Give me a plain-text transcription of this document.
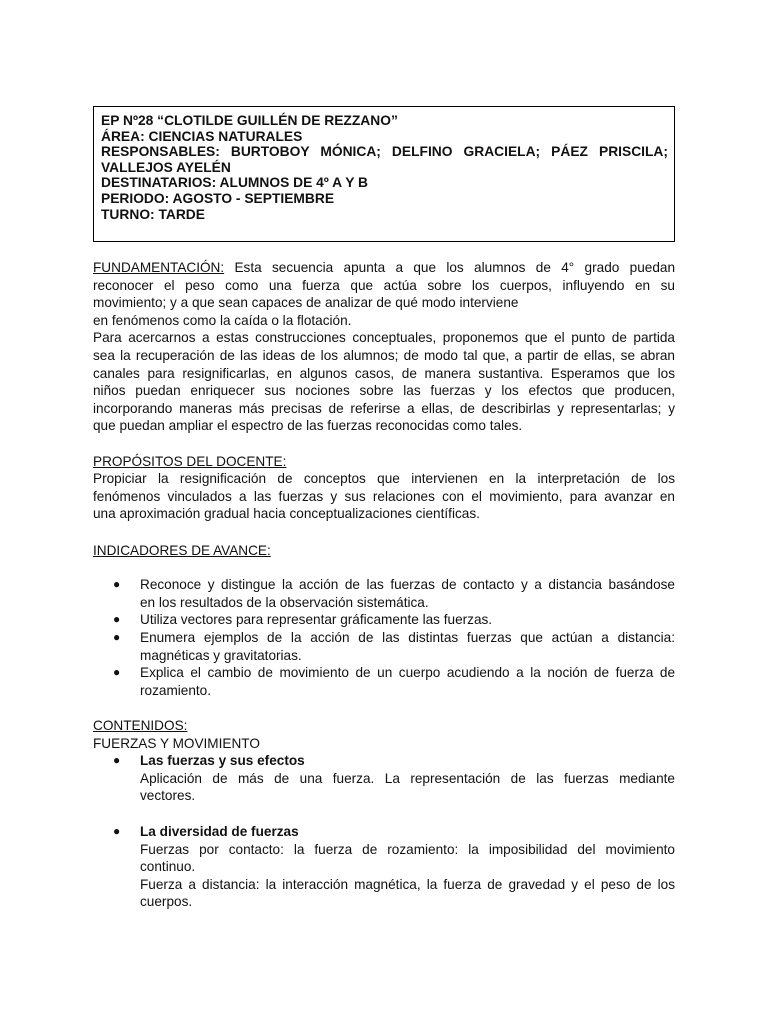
EP Nº28 “CLOTILDE GUILLÉN DE REZZANO”
ÁREA: CIENCIAS NATURALES
RESPONSABLES: BURTOBOY MÓNICA; DELFINO GRACIELA; PÁEZ PRISCILA;
VALLEJOS AYELÉN
DESTINATARIOS: ALUMNOS DE 4º A Y B
PERIODO: AGOSTO - SEPTIEMBRE
TURNO: TARDE
FUNDAMENTACIÓN: Esta secuencia apunta a que los alumnos de 4° grado puedan
reconocer el peso como una fuerza que actúa sobre los cuerpos, influyendo en su
movimiento; y a que sean capaces de analizar de qué modo interviene
en fenómenos como la caída o la flotación.
Para acercarnos a estas construcciones conceptuales, proponemos que el punto de partida
sea la recuperación de las ideas de los alumnos; de modo tal que, a partir de ellas, se abran
canales para resignificarlas, en algunos casos, de manera sustantiva. Esperamos que los
niños puedan enriquecer sus nociones sobre las fuerzas y los efectos que producen,
incorporando maneras más precisas de referirse a ellas, de describirlas y representarlas; y
que puedan ampliar el espectro de las fuerzas reconocidas como tales.
PROPÓSITOS DEL DOCENTE:
Propiciar la resignificación de conceptos que intervienen en la interpretación de los
fenómenos vinculados a las fuerzas y sus relaciones con el movimiento, para avanzar en
una aproximación gradual hacia conceptualizaciones científicas.
INDICADORES DE AVANCE:
● Reconoce y distingue la acción de las fuerzas de contacto y a distancia basándose
en los resultados de la observación sistemática.
● Utiliza vectores para representar gráficamente las fuerzas.
● Enumera ejemplos de la acción de las distintas fuerzas que actúan a distancia:
magnéticas y gravitatorias.
● Explica el cambio de movimiento de un cuerpo acudiendo a la noción de fuerza de
rozamiento.
CONTENIDOS:
FUERZAS Y MOVIMIENTO
● Las fuerzas y sus efectos
Aplicación de más de una fuerza. La representación de las fuerzas mediante
vectores.
● La diversidad de fuerzas
Fuerzas por contacto: la fuerza de rozamiento: la imposibilidad del movimiento
continuo.
Fuerza a distancia: la interacción magnética, la fuerza de gravedad y el peso de los
cuerpos.
